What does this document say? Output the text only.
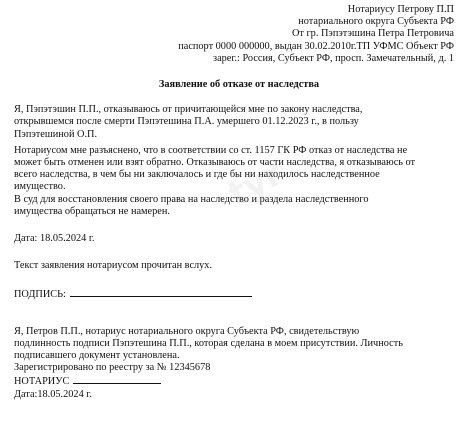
Нотариусу Петрову П.П
нотариального округа Субъекта РФ
От гр. Пэпэтэшина Петра Петровича
паспорт 0000 000000, выдан 30.02.2010г.ТП УФМС Объект РФ
зарег.: Россия, Субъект РФ, просп. Замечательный, д. 1
Заявление об отказе от наследства
Я, Пэпэтэшин П.П., отказываюсь от причитающейся мне по закону наследства,
открывшемся после смерти Пэпэтешина П.А. умершего 01.12.2023 г., в пользу
Пэпэтешиной О.П.
Нотариусом мне разъяснено, что в соответствии со ст. 1157 ГК РФ отказ от наследства не
может быть отменен или взят обратно. Отказываюсь от части наследства, я отказываюсь от
всего наследства, в чем бы ни заключалось и где бы ни находилось наследственное
имущество.
В суд для восстановления своего права на наследство и раздела наследственного
имущества обращаться не намерен.
Дата: 18.05.2024 г.
Текст заявления нотариусом прочитан вслух.
ПОДПИСЬ:
Я, Петров П.П., нотариус нотариального округа Субъекта РФ, свидетельствую
подлинность подписи Пэпэтешина П.П., которая сделана в моем присутствии. Личность
подписавшего документ установлена.
Зарегистрировано по реестру за № 12345678
НОТАРИУС
Дата:18.05.2024 г.
tyr
